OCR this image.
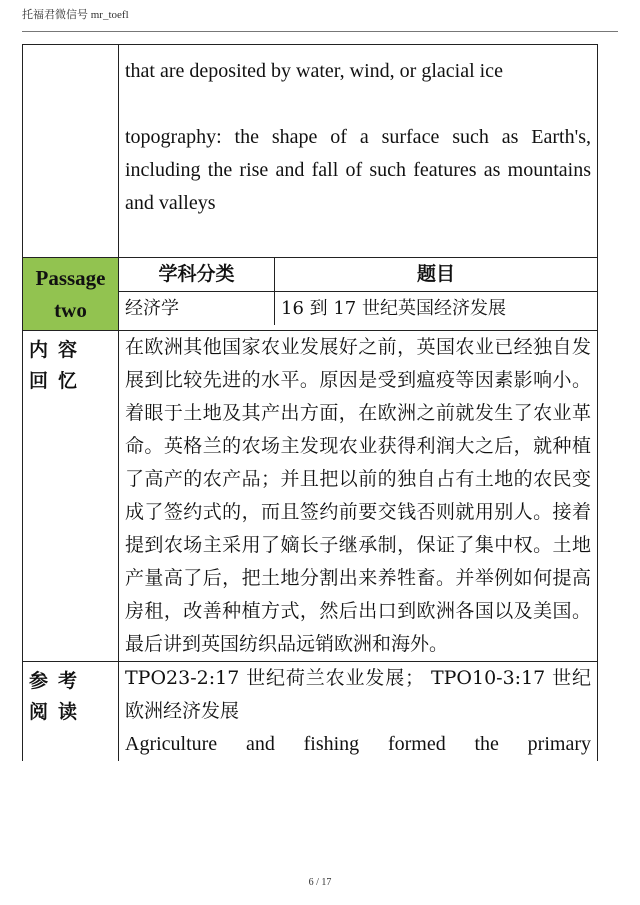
托福君微信号 mr_toefl
that are deposited by water, wind, or glacial ice
topography: the shape of a surface such as Earth's, including the rise and fall of such features as mountains and valleys
Passage two
学科分类	题目
经济学	16 到 17 世纪英国经济发展
内容回忆
在欧洲其他国家农业发展好之前，英国农业已经独自发展到比较先进的水平。原因是受到瘟疫等因素影响小。着眼于土地及其产出方面，在欧洲之前就发生了农业革命。英格兰的农场主发现农业获得利润大之后，就种植了高产的农产品；并且把以前的独自占有土地的农民变成了签约式的，而且签约前要交钱否则就用别人。接着提到农场主采用了嫡长子继承制，保证了集中权。土地产量高了后，把土地分割出来养牲畜。并举例如何提高房租，改善种植方式，然后出口到欧洲各国以及美国。最后讲到英国纺织品远销欧洲和海外。
参考阅读
TPO23-2:17 世纪荷兰农业发展； TPO10-3:17 世纪欧洲经济发展
Agriculture and fishing formed the primary
6 / 17
